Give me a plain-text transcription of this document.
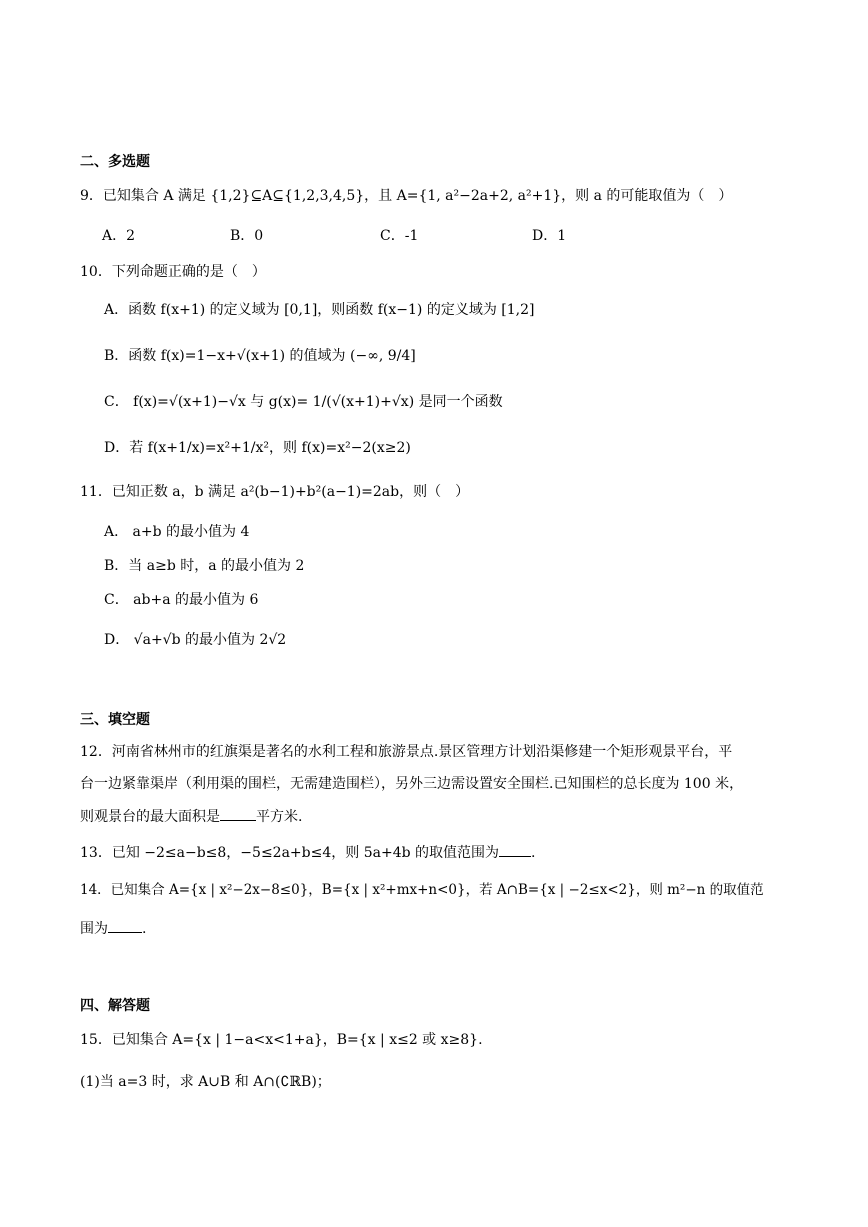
二、多选题
9．已知集合 A 满足 {1,2}⊆A⊆{1,2,3,4,5}，且 A={1, a²−2a+2, a²+1}，则 a 的可能取值为（　）
A．2	B．0	C．-1	D．1
10．下列命题正确的是（　）
A．函数 f(x+1) 的定义域为 [0,1]，则函数 f(x−1) 的定义域为 [1,2]
B．函数 f(x)=1−x+√(x+1) 的值域为 (−∞, 9/4]
C． f(x)=√(x+1)−√x 与 g(x)= 1/(√(x+1)+√x) 是同一个函数
D．若 f(x+1/x)=x²+1/x²，则 f(x)=x²−2(x≥2)
11．已知正数 a，b 满足 a²(b−1)+b²(a−1)=2ab，则（　）
A． a+b 的最小值为 4
B．当 a≥b 时，a 的最小值为 2
C． ab+a 的最小值为 6
D． √a+√b 的最小值为 2√2
三、填空题
12．河南省林州市的红旗渠是著名的水利工程和旅游景点.景区管理方计划沿渠修建一个矩形观景平台，平
台一边紧靠渠岸（利用渠的围栏，无需建造围栏），另外三边需设置安全围栏.已知围栏的总长度为 100 米，
则观景台的最大面积是	平方米.
13．已知 −2≤a−b≤8，−5≤2a+b≤4，则 5a+4b 的取值范围为 .
14．已知集合 A={x | x²−2x−8≤0}，B={x | x²+mx+n<0}，若 A∩B={x | −2≤x<2}，则 m²−n 的取值范
围为 .
四、解答题
15．已知集合 A={x | 1−a<x<1+a}，B={x | x≤2 或 x≥8}.
(1)当 a=3 时，求 A∪B 和 A∩(∁ℝB)；
